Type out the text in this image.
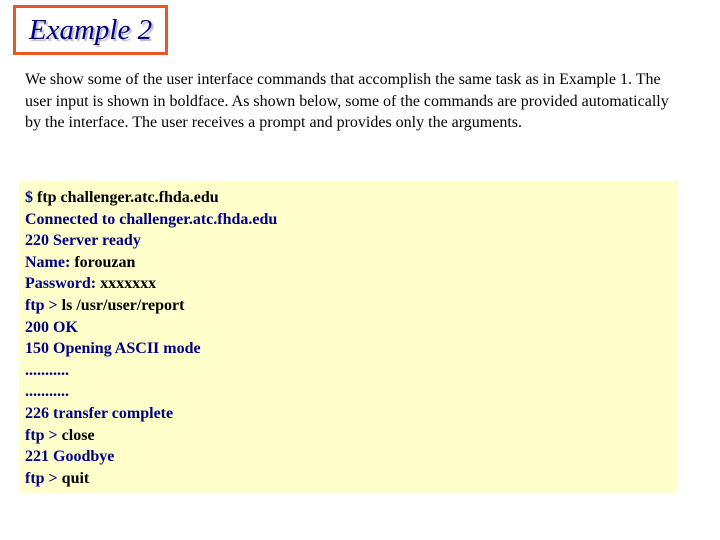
Example 2

We show some of the user interface commands that accomplish the same task as in Example 1. The user input is shown in boldface. As shown below, some of the commands are provided automatically by the interface. The user receives a prompt and provides only the arguments.

$ ftp challenger.atc.fhda.edu
Connected to challenger.atc.fhda.edu
220 Server ready
Name: forouzan
Password: xxxxxxx
ftp > ls /usr/user/report
200 OK
150 Opening ASCII mode
...........
...........
226 transfer complete
ftp > close
221 Goodbye
ftp > quit
